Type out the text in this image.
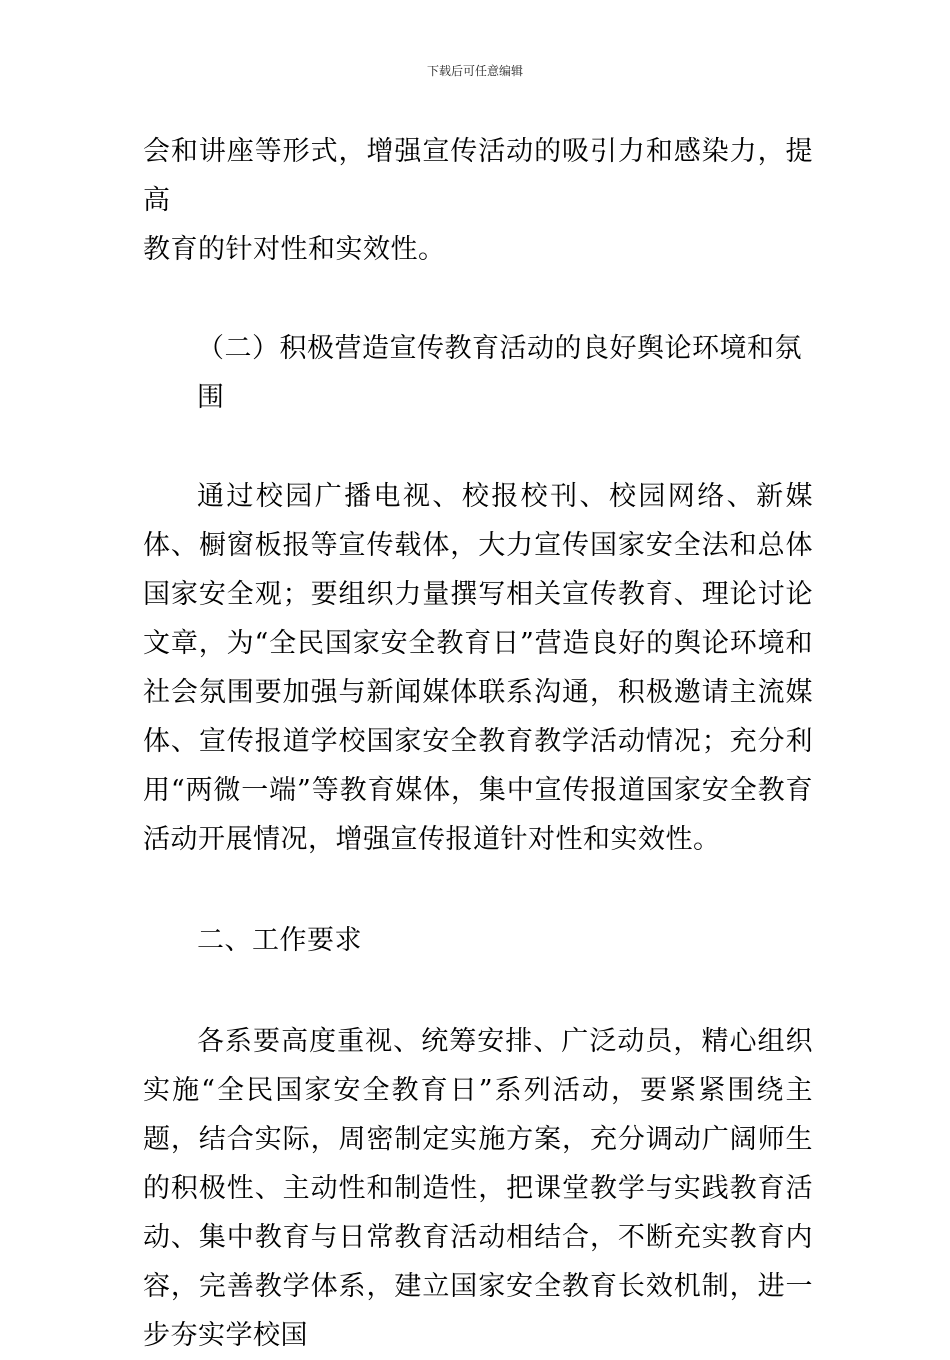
下载后可任意编辑

会和讲座等形式，增强宣传活动的吸引力和感染力，提高

教育的针对性和实效性。

（二）积极营造宣传教育活动的良好舆论环境和氛围

通过校园广播电视、校报校刊、校园网络、新媒体、橱窗板报等宣传载体，大力宣传国家安全法和总体国家安全观；要组织力量撰写相关宣传教育、理论讨论文章，为“全民国家安全教育日”营造良好的舆论环境和社会氛围要加强与新闻媒体联系沟通，积极邀请主流媒体、宣传报道学校国家安全教育教学活动情况；充分利用“两微一端”等教育媒体，集中宣传报道国家安全教育活动开展情况，增强宣传报道针对性和实效性。

二、工作要求

各系要高度重视、统筹安排、广泛动员，精心组织实施“全民国家安全教育日”系列活动，要紧紧围绕主题，结合实际，周密制定实施方案，充分调动广阔师生的积极性、主动性和制造性，把课堂教学与实践教育活动、集中教育与日常教育活动相结合，不断充实教育内容，完善教学体系，建立国家安全教育长效机制，进一步夯实学校国
